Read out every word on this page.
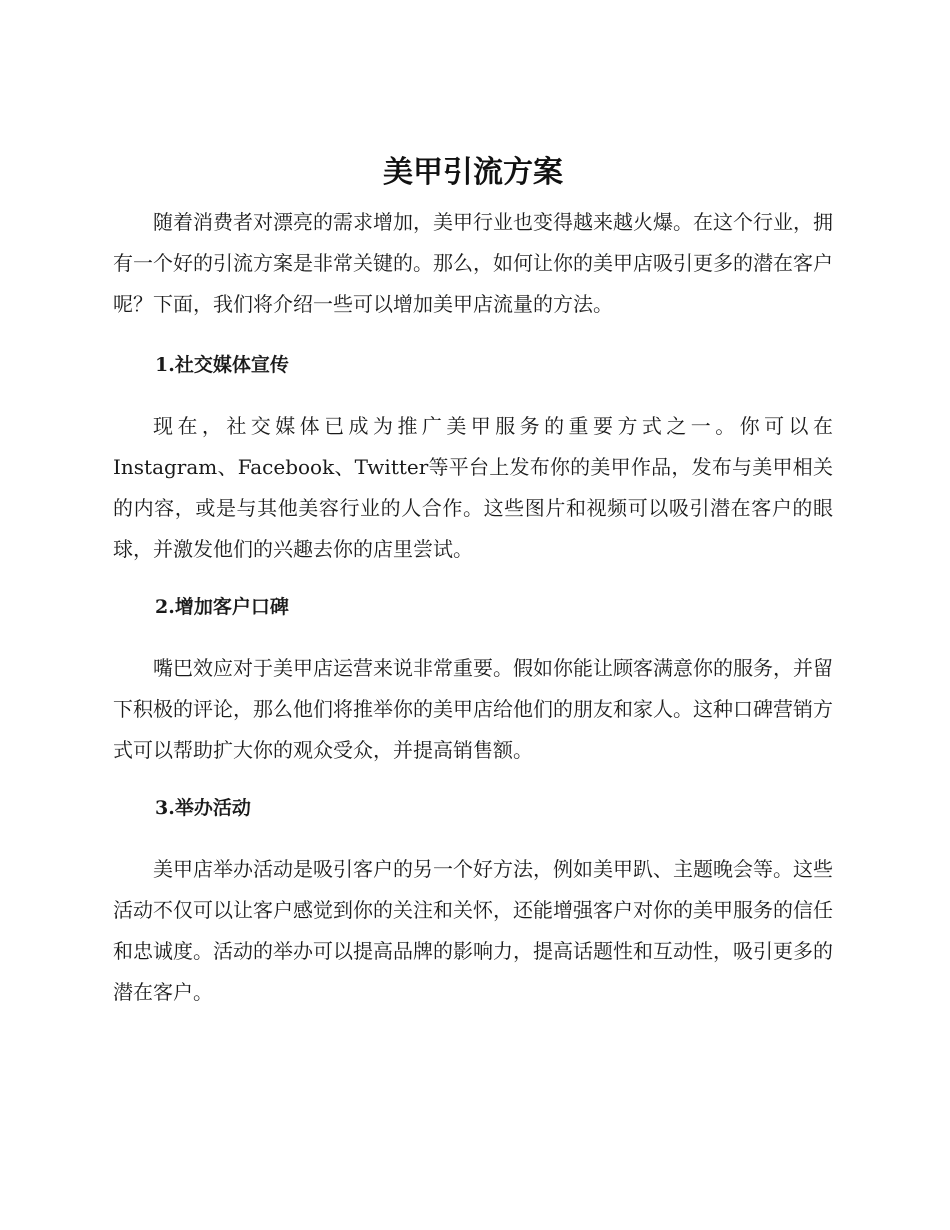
美甲引流方案

随着消费者对漂亮的需求增加，美甲行业也变得越来越火爆。在这个行业，拥有一个好的引流方案是非常关键的。那么，如何让你的美甲店吸引更多的潜在客户呢？下面，我们将介绍一些可以增加美甲店流量的方法。

1.社交媒体宣传

现在，社交媒体已成为推广美甲服务的重要方式之一。你可以在Instagram、Facebook、Twitter等平台上发布你的美甲作品，发布与美甲相关的内容，或是与其他美容行业的人合作。这些图片和视频可以吸引潜在客户的眼球，并激发他们的兴趣去你的店里尝试。

2.增加客户口碑

嘴巴效应对于美甲店运营来说非常重要。假如你能让顾客满意你的服务，并留下积极的评论，那么他们将推举你的美甲店给他们的朋友和家人。这种口碑营销方式可以帮助扩大你的观众受众，并提高销售额。

3.举办活动

美甲店举办活动是吸引客户的另一个好方法，例如美甲趴、主题晚会等。这些活动不仅可以让客户感觉到你的关注和关怀，还能增强客户对你的美甲服务的信任和忠诚度。活动的举办可以提高品牌的影响力，提高话题性和互动性，吸引更多的潜在客户。
